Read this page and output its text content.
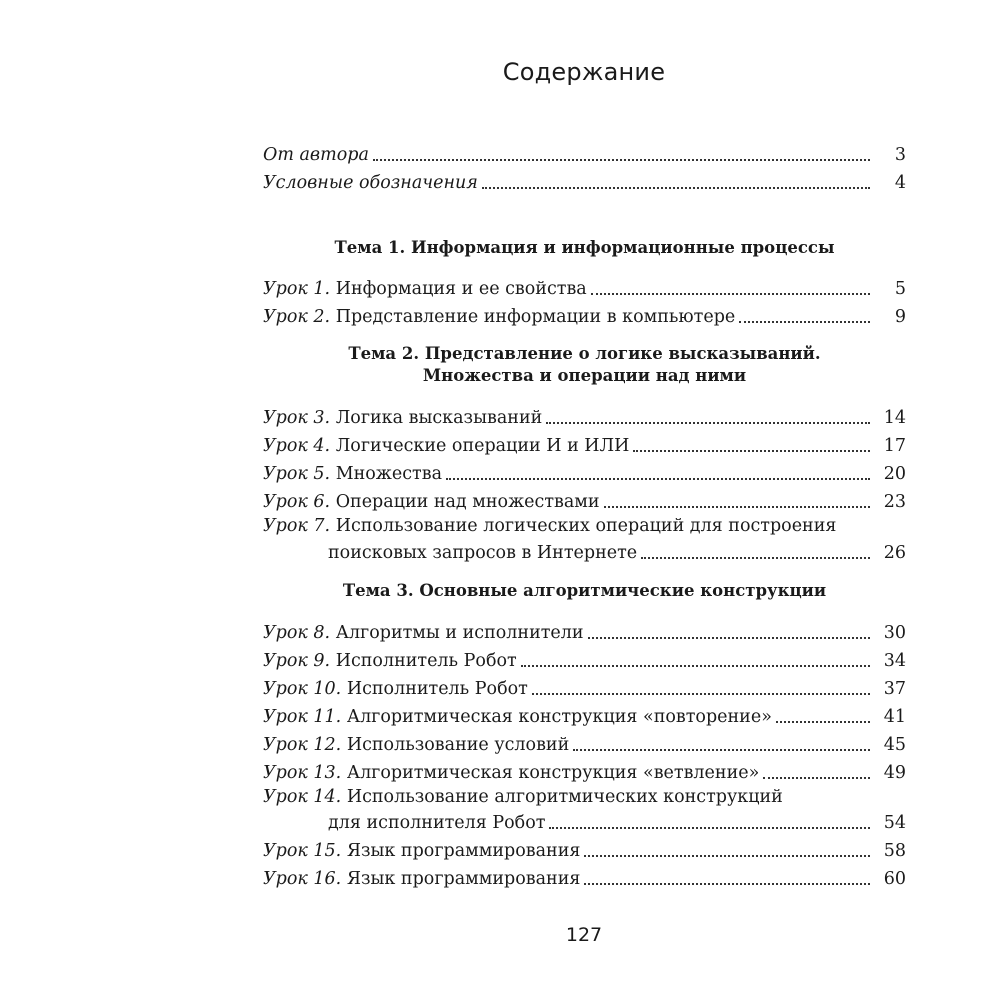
Содержание
От автора	3
Условные обозначения	4
Тема 1. Информация и информационные процессы
Урок 1. Информация и ее свойства	5
Урок 2. Представление информации в компьютере	9
Тема 2. Представление о логике высказываний.
Множества и операции над ними
Урок 3. Логика высказываний	14
Урок 4. Логические операции И и ИЛИ	17
Урок 5. Множества	20
Урок 6. Операции над множествами	23
Урок 7. Использование логических операций для построения
поисковых запросов в Интернете	26
Тема 3. Основные алгоритмические конструкции
Урок 8. Алгоритмы и исполнители	30
Урок 9. Исполнитель Робот	34
Урок 10. Исполнитель Робот	37
Урок 11. Алгоритмическая конструкция «повторение»	41
Урок 12. Использование условий	45
Урок 13. Алгоритмическая конструкция «ветвление»	49
Урок 14. Использование алгоритмических конструкций
для исполнителя Робот	54
Урок 15. Язык программирования	58
Урок 16. Язык программирования	60
127
